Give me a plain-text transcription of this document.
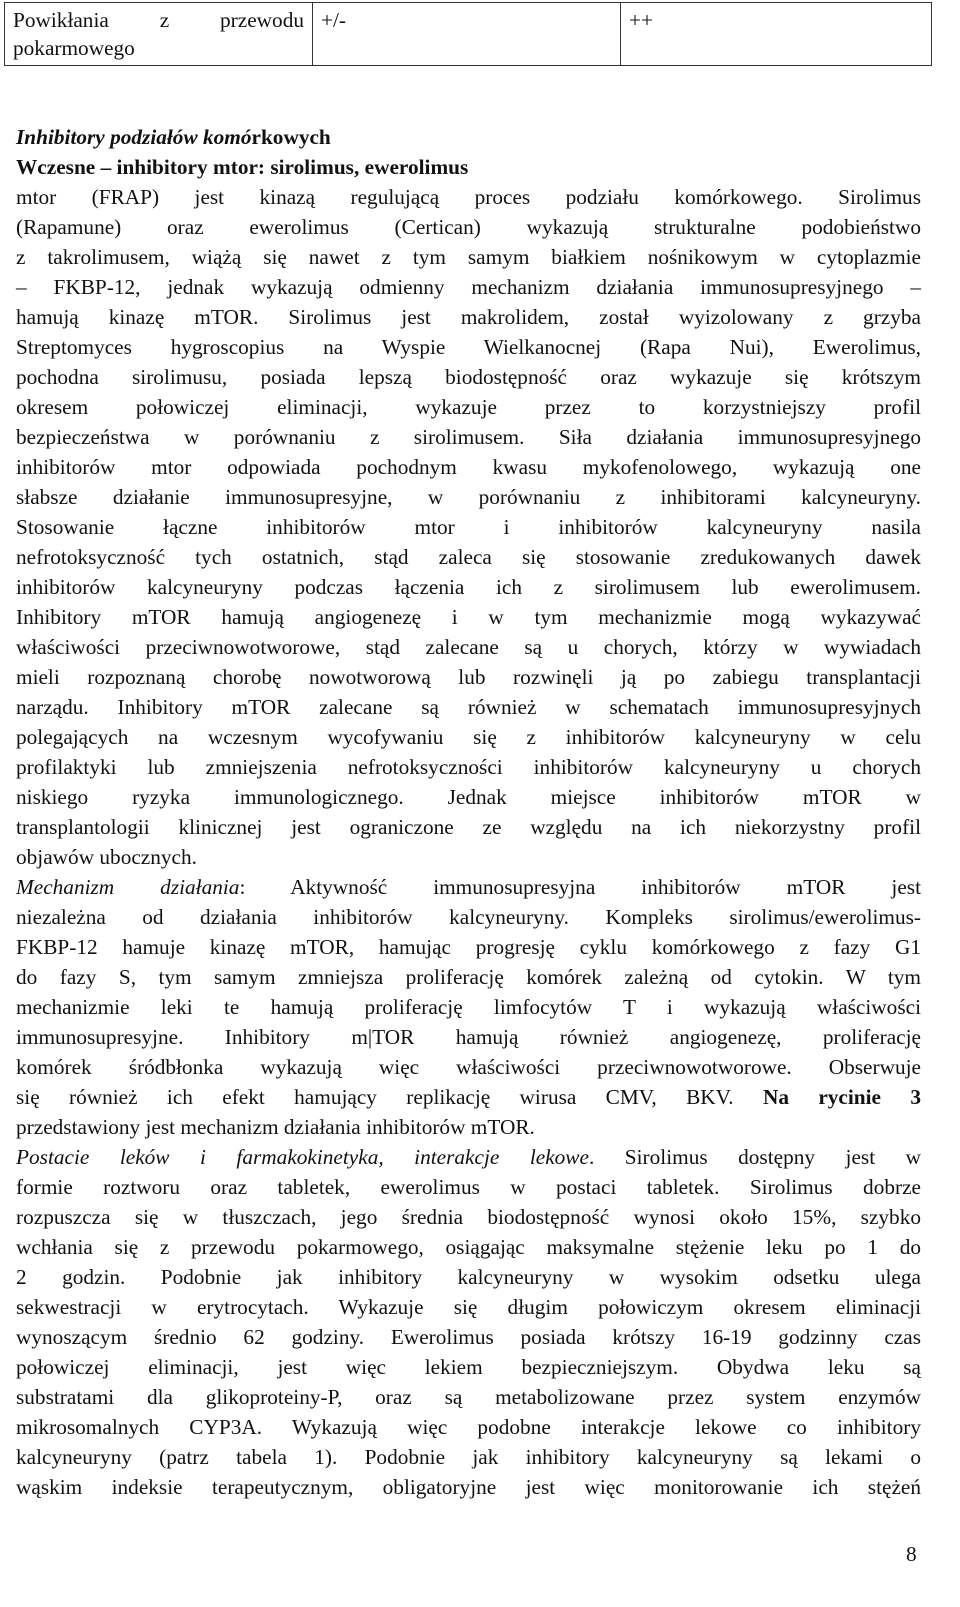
Powikłania z przewodu
pokarmowego
	+/-	++
Inhibitory podziałów komórkowych
Wczesne – inhibitory mtor: sirolimus, ewerolimus
mtor (FRAP) jest kinazą regulującą proces podziału komórkowego. Sirolimus
(Rapamune) oraz ewerolimus (Certican) wykazują strukturalne podobieństwo
z takrolimusem, wiążą się nawet z tym samym białkiem nośnikowym w cytoplazmie
– FKBP-12, jednak wykazują odmienny mechanizm działania immunosupresyjnego –
hamują kinazę mTOR. Sirolimus jest makrolidem, został wyizolowany z grzyba
Streptomyces hygroscopius na Wyspie Wielkanocnej (Rapa Nui), Ewerolimus,
pochodna sirolimusu, posiada lepszą biodostępność oraz wykazuje się krótszym
okresem połowiczej eliminacji, wykazuje przez to korzystniejszy profil
bezpieczeństwa w porównaniu z sirolimusem. Siła działania immunosupresyjnego
inhibitorów mtor odpowiada pochodnym kwasu mykofenolowego, wykazują one
słabsze działanie immunosupresyjne, w porównaniu z inhibitorami kalcyneuryny.
Stosowanie łączne inhibitorów mtor i inhibitorów kalcyneuryny nasila
nefrotoksyczność tych ostatnich, stąd zaleca się stosowanie zredukowanych dawek
inhibitorów kalcyneuryny podczas łączenia ich z sirolimusem lub ewerolimusem.
Inhibitory mTOR hamują angiogenezę i w tym mechanizmie mogą wykazywać
właściwości przeciwnowotworowe, stąd zalecane są u chorych, którzy w wywiadach
mieli rozpoznaną chorobę nowotworową lub rozwinęli ją po zabiegu transplantacji
narządu. Inhibitory mTOR zalecane są również w schematach immunosupresyjnych
polegających na wczesnym wycofywaniu się z inhibitorów kalcyneuryny w celu
profilaktyki lub zmniejszenia nefrotoksyczności inhibitorów kalcyneuryny u chorych
niskiego ryzyka immunologicznego. Jednak miejsce inhibitorów mTOR w
transplantologii klinicznej jest ograniczone ze względu na ich niekorzystny profil
objawów ubocznych.
Mechanizm działania: Aktywność immunosupresyjna inhibitorów mTOR jest
niezależna od działania inhibitorów kalcyneuryny. Kompleks sirolimus/ewerolimus-
FKBP-12 hamuje kinazę mTOR, hamując progresję cyklu komórkowego z fazy G1
do fazy S, tym samym zmniejsza proliferację komórek zależną od cytokin. W tym
mechanizmie leki te hamują proliferację limfocytów T i wykazują właściwości
immunosupresyjne. Inhibitory m|TOR hamują również angiogenezę, proliferację
komórek śródbłonka wykazują więc właściwości przeciwnowotworowe. Obserwuje
się również ich efekt hamujący replikację wirusa CMV, BKV. Na rycinie 3
przedstawiony jest mechanizm działania inhibitorów mTOR.
Postacie leków i farmakokinetyka, interakcje lekowe. Sirolimus dostępny jest w
formie roztworu oraz tabletek, ewerolimus w postaci tabletek. Sirolimus dobrze
rozpuszcza się w tłuszczach, jego średnia biodostępność wynosi około 15%, szybko
wchłania się z przewodu pokarmowego, osiągając maksymalne stężenie leku po 1 do
2 godzin. Podobnie jak inhibitory kalcyneuryny w wysokim odsetku ulega
sekwestracji w erytrocytach. Wykazuje się długim połowiczym okresem eliminacji
wynoszącym średnio 62 godziny. Ewerolimus posiada krótszy 16-19 godzinny czas
połowiczej eliminacji, jest więc lekiem bezpieczniejszym. Obydwa leku są
substratami dla glikoproteiny-P, oraz są metabolizowane przez system enzymów
mikrosomalnych CYP3A. Wykazują więc podobne interakcje lekowe co inhibitory
kalcyneuryny (patrz tabela 1). Podobnie jak inhibitory kalcyneuryny są lekami o
wąskim indeksie terapeutycznym, obligatoryjne jest więc monitorowanie ich stężeń
8
